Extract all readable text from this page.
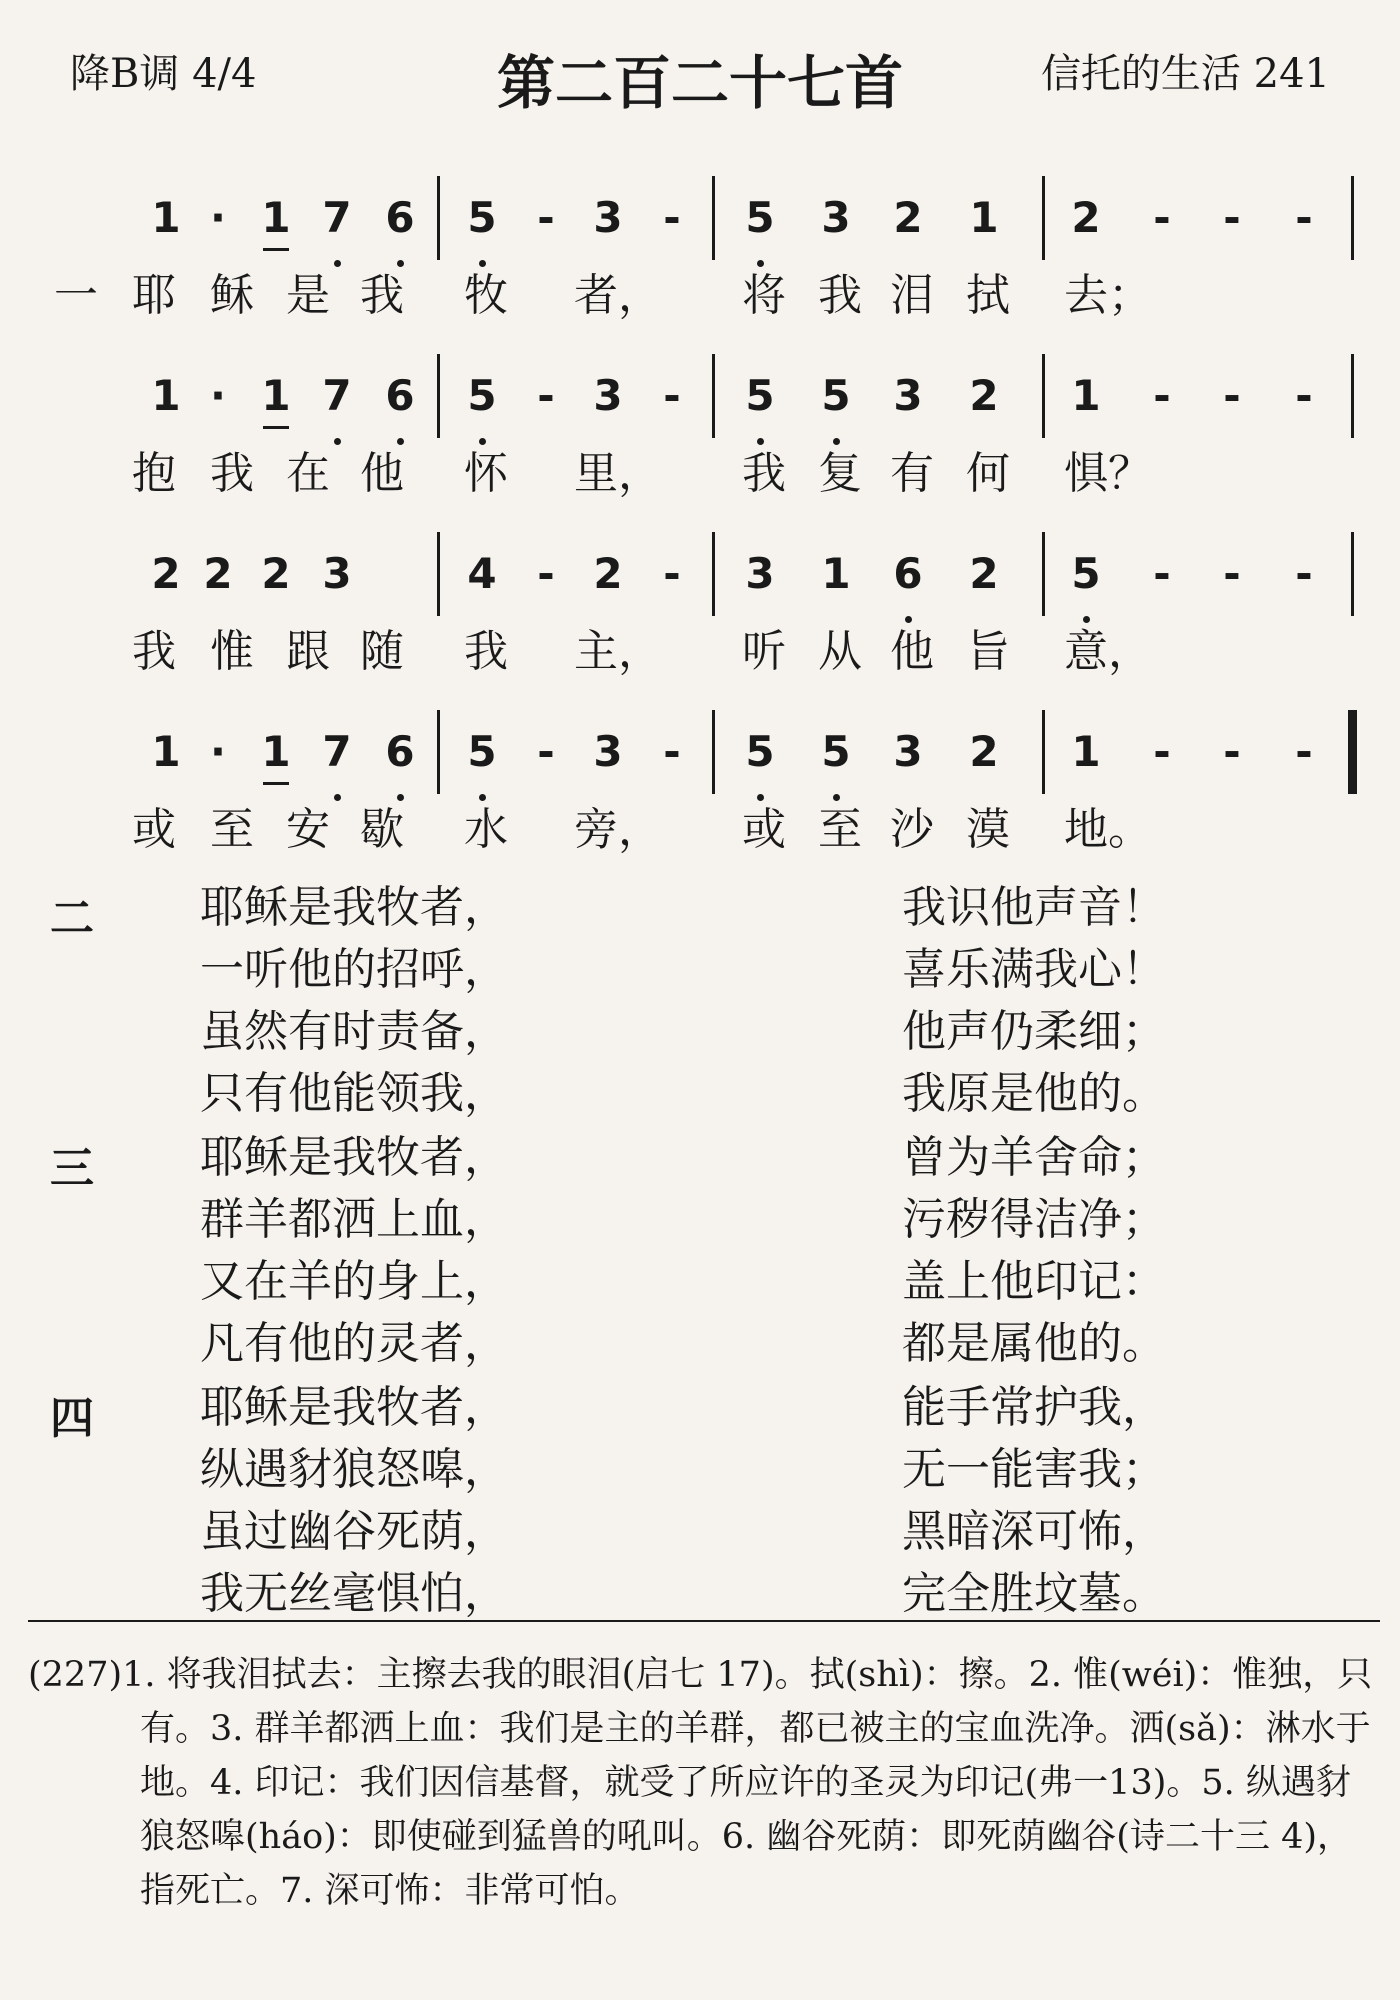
降B调 4/4	第二百二十七首	信托的生活 241
1 · 1 7 6	5 - 3 -	5	3	2	1	2	-	-	-
一 耶 稣 是 我	牧	者，	将 我 泪 拭	去；
1 · 1 7 6	5 - 3 -	5	5	3	2	1	-	-	-
抱 我 在 他	怀	里，	我 复 有 何	惧？
2 2 2 3	4 - 2 -	3	1	6	2	5	-	-	-
我 惟 跟 随	我	主，	听 从 他 旨	意，
1 · 1 7 6	5 - 3 -	5	5	3	2	1	-	-	-
或 至 安 歇	水	旁，	或 至 沙 漠	地。
二 耶稣是我牧者，	我识他声音！
一听他的招呼，	喜乐满我心！
虽然有时责备，	他声仍柔细；
只有他能领我，	我原是他的。
三 耶稣是我牧者，	曾为羊舍命；
群羊都洒上血，	污秽得洁净；
又在羊的身上，	盖上他印记：
凡有他的灵者，	都是属他的。
四 耶稣是我牧者，	能手常护我，
纵遇豺狼怒嗥，	无一能害我；
虽过幽谷死荫，	黑暗深可怖，
我无丝毫惧怕，	完全胜坟墓。

(227)1. 将我泪拭去：主擦去我的眼泪(启七 17)。拭(shì)：擦。2. 惟(wéi)：惟独，只有。3. 群羊都洒上血：我们是主的羊群，都已被主的宝血洗净。洒(sǎ)：淋水于地。4. 印记：我们因信基督，就受了所应许的圣灵为印记(弗一13)。5. 纵遇豺狼怒嗥(háo)：即使碰到猛兽的吼叫。6. 幽谷死荫：即死荫幽谷(诗二十三 4)，指死亡。7. 深可怖：非常可怕。
